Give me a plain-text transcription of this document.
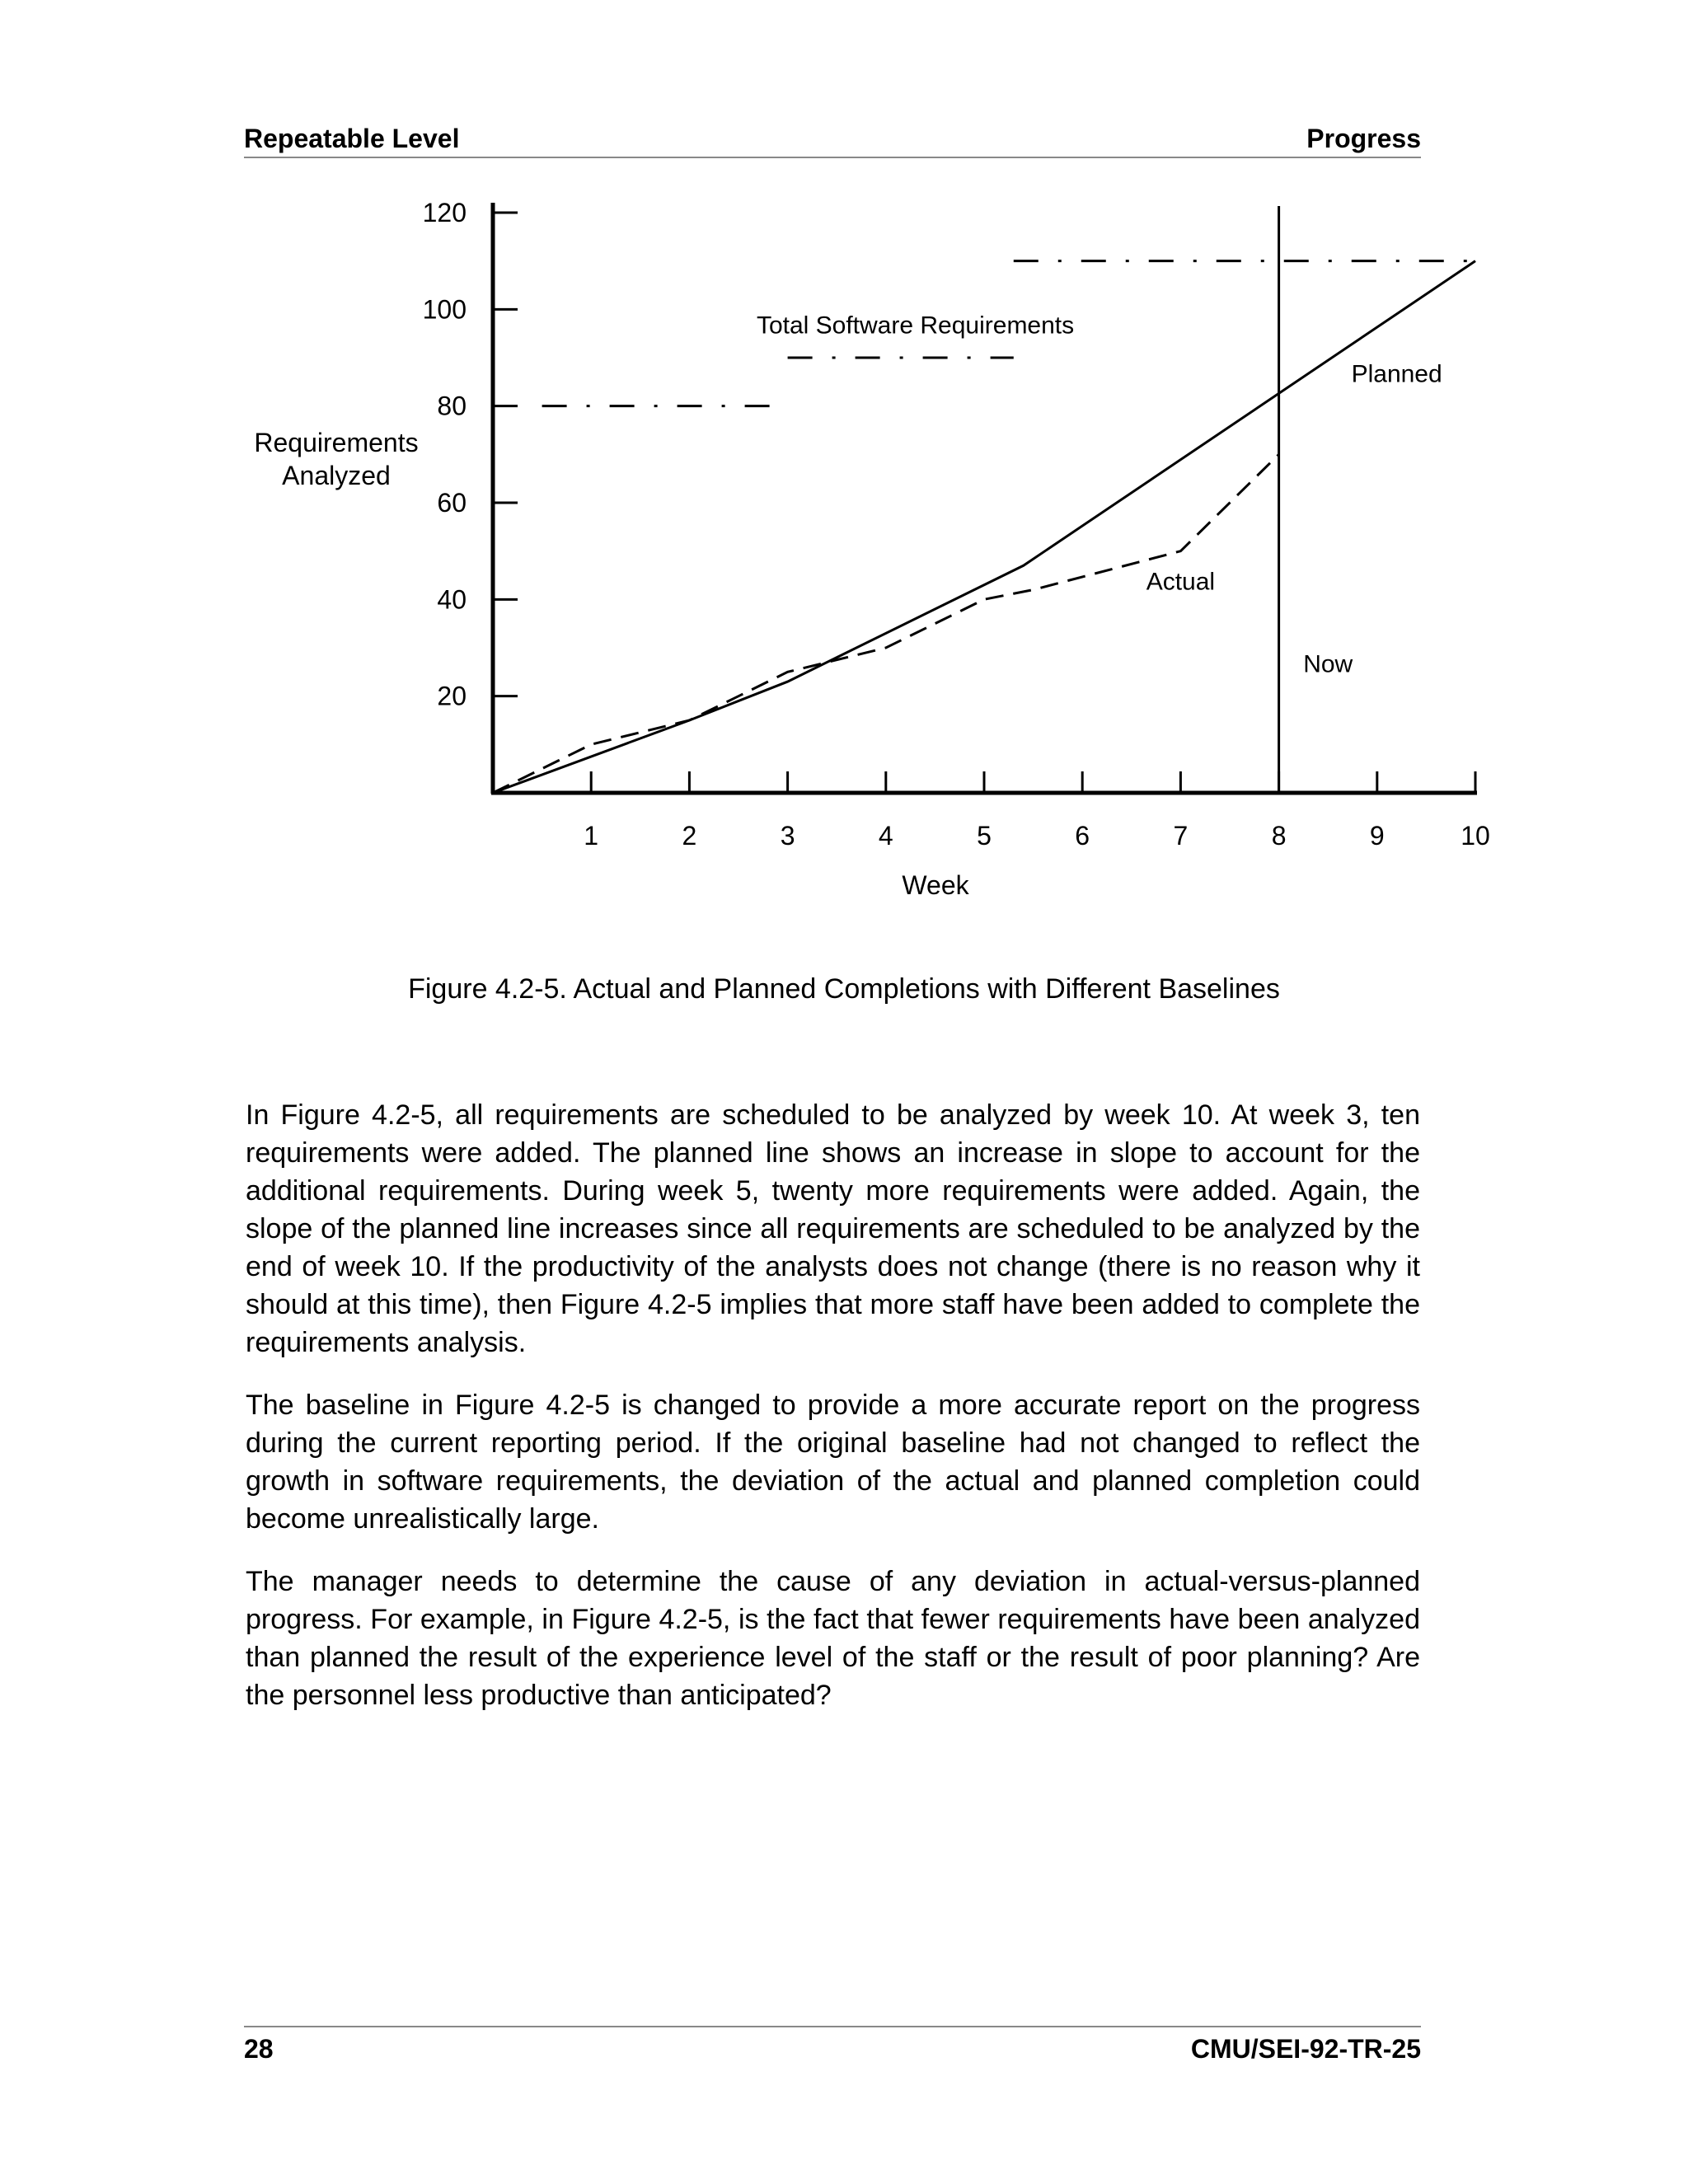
Repeatable Level	Progress
20
40
60
80
100
120
1	2	3	4	5	6	7	8	9	10
Week
Requirements Analyzed
Total Software Requirements
Planned
Actual
Now
Figure 4.2-5. Actual and Planned Completions with Different Baselines

In Figure 4.2-5, all requirements are scheduled to be analyzed by week 10. At week 3, ten requirements were added. The planned line shows an increase in slope to account for the additional requirements. During week 5, twenty more requirements were added. Again, the slope of the planned line increases since all requirements are scheduled to be analyzed by the end of week 10. If the productivity of the analysts does not change (there is no reason why it should at this time), then Figure 4.2-5 implies that more staff have been added to complete the requirements analysis.

The baseline in Figure 4.2-5 is changed to provide a more accurate report on the progress during the current reporting period. If the original baseline had not changed to reflect the growth in software requirements, the deviation of the actual and planned completion could become unrealistically large.

The manager needs to determine the cause of any deviation in actual-versus-planned progress. For example, in Figure 4.2-5, is the fact that fewer requirements have been analyzed than planned the result of the experience level of the staff or the result of poor planning? Are the personnel less productive than anticipated?

28	CMU/SEI-92-TR-25
